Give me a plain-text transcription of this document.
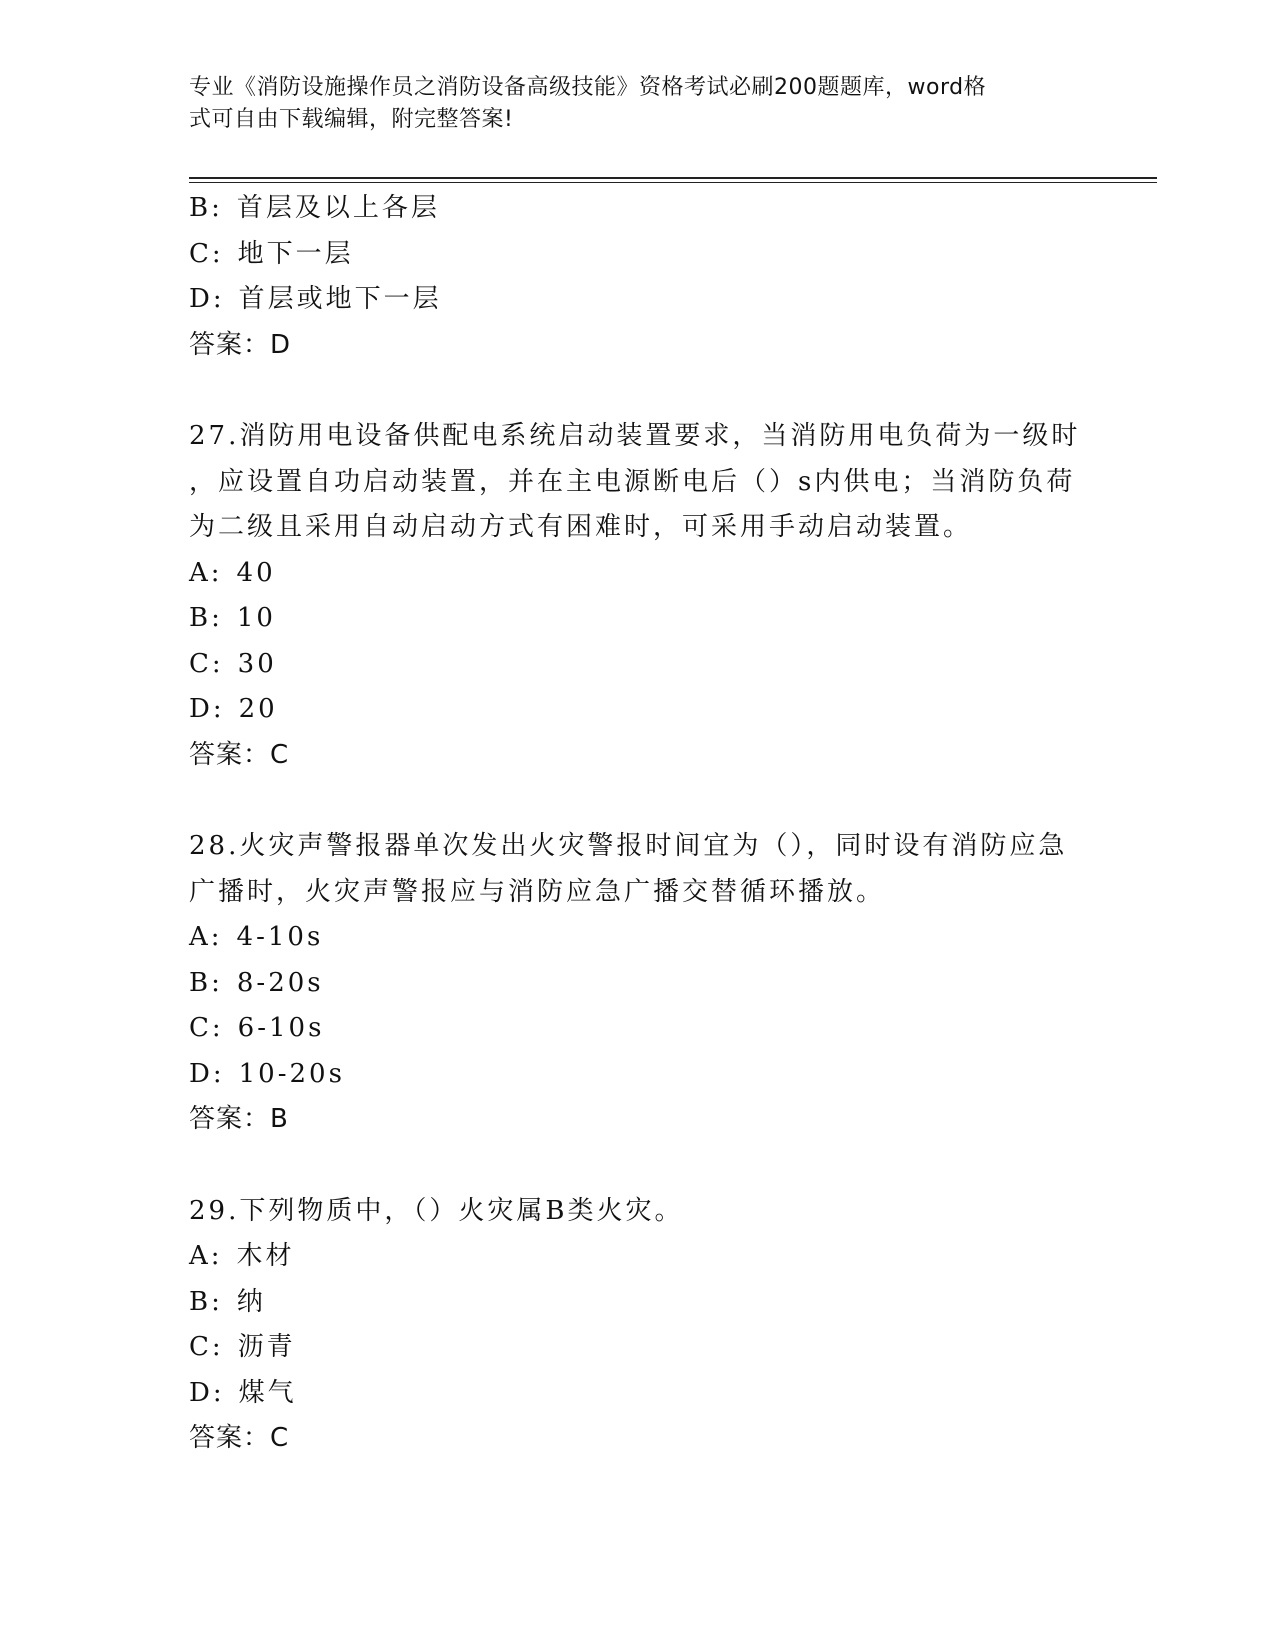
专业《消防设施操作员之消防设备高级技能》资格考试必刷200题题库，word格
式可自由下载编辑，附完整答案!
B: 首层及以上各层
C: 地下一层
D: 首层或地下一层
答案：D
27.消防用电设备供配电系统启动装置要求，当消防用电负荷为一级时
，应设置自功启动装置，并在主电源断电后（）s内供电；当消防负荷
为二级且采用自动启动方式有困难时，可采用手动启动装置。
A: 40
B: 10
C: 30
D: 20
答案：C
28.火灾声警报器单次发出火灾警报时间宜为（），同时设有消防应急
广播时，火灾声警报应与消防应急广播交替循环播放。
A: 4-10s
B: 8-20s
C: 6-10s
D: 10-20s
答案：B
29.下列物质中，（）火灾属B类火灾。
A: 木材
B: 纳
C: 沥青
D: 煤气
答案：C
